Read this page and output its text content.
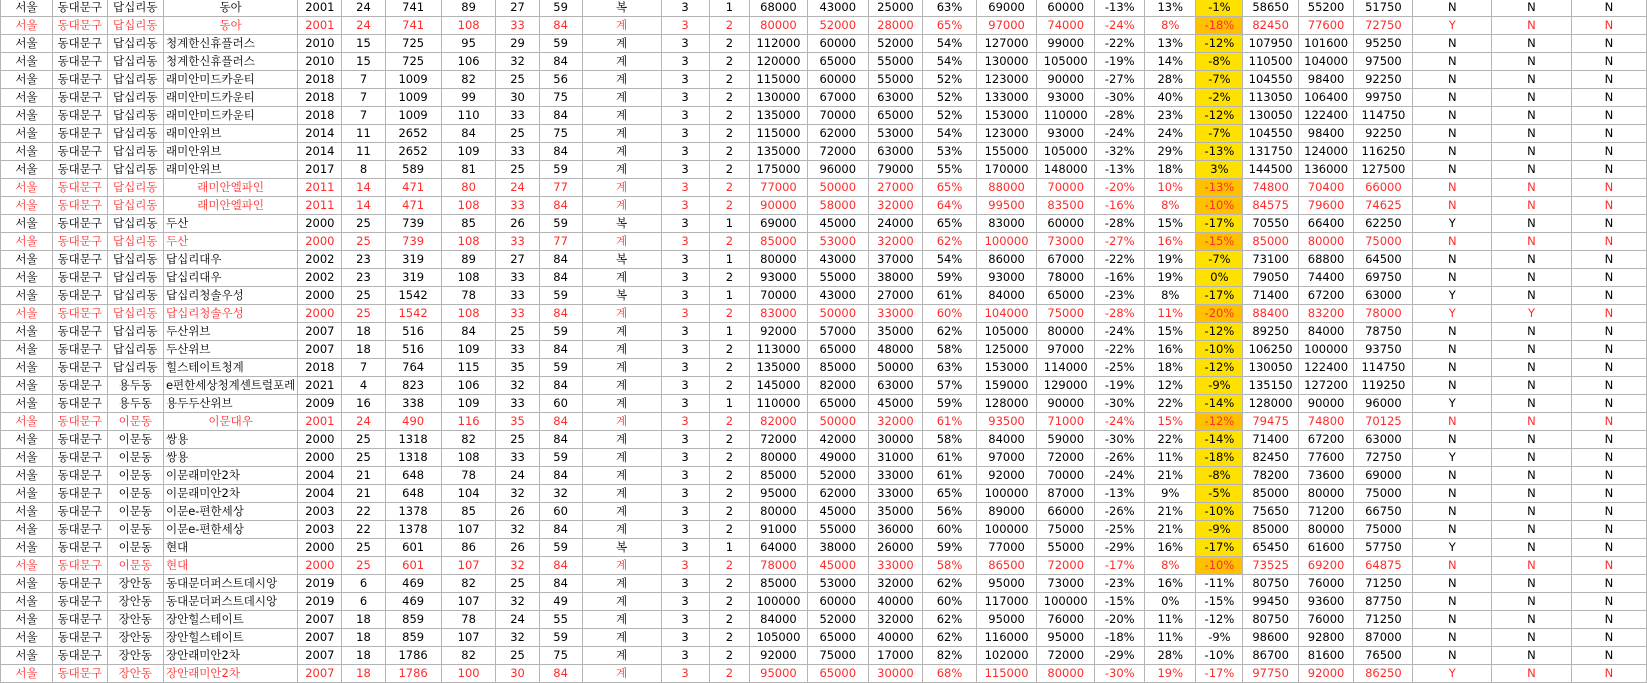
서울	동대문구	답십리동	동아	2001	24	741	89	27	59	복	3	1	68000	43000	25000	63%	69000	60000	-13%	13%	-1%	58650	55200	51750	N	N	N
서울	동대문구	답십리동	동아	2001	24	741	108	33	84	계	3	2	80000	52000	28000	65%	97000	74000	-24%	8%	-18%	82450	77600	72750	Y	N	N
서울	동대문구	답십리동	청계한신휴플러스	2010	15	725	95	29	59	계	3	2	112000	60000	52000	54%	127000	99000	-22%	13%	-12%	107950	101600	95250	N	N	N
서울	동대문구	답십리동	청계한신휴플러스	2010	15	725	106	32	84	계	3	2	120000	65000	55000	54%	130000	105000	-19%	14%	-8%	110500	104000	97500	N	N	N
서울	동대문구	답십리동	래미안미드카운티	2018	7	1009	82	25	56	계	3	2	115000	60000	55000	52%	123000	90000	-27%	28%	-7%	104550	98400	92250	N	N	N
서울	동대문구	답십리동	래미안미드카운티	2018	7	1009	99	30	75	계	3	2	130000	67000	63000	52%	133000	93000	-30%	40%	-2%	113050	106400	99750	N	N	N
서울	동대문구	답십리동	래미안미드카운티	2018	7	1009	110	33	84	계	3	2	135000	70000	65000	52%	153000	110000	-28%	23%	-12%	130050	122400	114750	N	N	N
서울	동대문구	답십리동	래미안위브	2014	11	2652	84	25	75	계	3	2	115000	62000	53000	54%	123000	93000	-24%	24%	-7%	104550	98400	92250	N	N	N
서울	동대문구	답십리동	래미안위브	2014	11	2652	109	33	84	계	3	2	135000	72000	63000	53%	155000	105000	-32%	29%	-13%	131750	124000	116250	N	N	N
서울	동대문구	답십리동	래미안위브	2017	8	589	81	25	59	계	3	2	175000	96000	79000	55%	170000	148000	-13%	18%	3%	144500	136000	127500	N	N	N
서울	동대문구	답십리동	래미안엘파인	2011	14	471	80	24	77	계	3	2	77000	50000	27000	65%	88000	70000	-20%	10%	-13%	74800	70400	66000	N	N	N
서울	동대문구	답십리동	래미안엘파인	2011	14	471	108	33	84	계	3	2	90000	58000	32000	64%	99500	83500	-16%	8%	-10%	84575	79600	74625	N	N	N
서울	동대문구	답십리동	두산	2000	25	739	85	26	59	복	3	1	69000	45000	24000	65%	83000	60000	-28%	15%	-17%	70550	66400	62250	Y	N	N
서울	동대문구	답십리동	두산	2000	25	739	108	33	77	계	3	2	85000	53000	32000	62%	100000	73000	-27%	16%	-15%	85000	80000	75000	N	N	N
서울	동대문구	답십리동	답십리대우	2002	23	319	89	27	84	복	3	1	80000	43000	37000	54%	86000	67000	-22%	19%	-7%	73100	68800	64500	N	N	N
서울	동대문구	답십리동	답십리대우	2002	23	319	108	33	84	계	3	2	93000	55000	38000	59%	93000	78000	-16%	19%	0%	79050	74400	69750	N	N	N
서울	동대문구	답십리동	답십리청솔우성	2000	25	1542	78	33	59	복	3	1	70000	43000	27000	61%	84000	65000	-23%	8%	-17%	71400	67200	63000	Y	N	N
서울	동대문구	답십리동	답십리청솔우성	2000	25	1542	108	33	84	계	3	2	83000	50000	33000	60%	104000	75000	-28%	11%	-20%	88400	83200	78000	Y	Y	N
서울	동대문구	답십리동	두산위브	2007	18	516	84	25	59	계	3	1	92000	57000	35000	62%	105000	80000	-24%	15%	-12%	89250	84000	78750	N	N	N
서울	동대문구	답십리동	두산위브	2007	18	516	109	33	84	계	3	2	113000	65000	48000	58%	125000	97000	-22%	16%	-10%	106250	100000	93750	N	N	N
서울	동대문구	답십리동	힐스테이트청계	2018	7	764	115	35	59	계	3	2	135000	85000	50000	63%	153000	114000	-25%	18%	-12%	130050	122400	114750	N	N	N
서울	동대문구	용두동	e편한세상청계센트럴포레	2021	4	823	106	32	84	계	3	2	145000	82000	63000	57%	159000	129000	-19%	12%	-9%	135150	127200	119250	N	N	N
서울	동대문구	용두동	용두두산위브	2009	16	338	109	33	60	계	3	1	110000	65000	45000	59%	128000	90000	-30%	22%	-14%	128000	90000	96000	Y	N	N
서울	동대문구	이문동	이문대우	2001	24	490	116	35	84	계	3	2	82000	50000	32000	61%	93500	71000	-24%	15%	-12%	79475	74800	70125	N	N	N
서울	동대문구	이문동	쌍용	2000	25	1318	82	25	84	계	3	2	72000	42000	30000	58%	84000	59000	-30%	22%	-14%	71400	67200	63000	N	N	N
서울	동대문구	이문동	쌍용	2000	25	1318	108	33	59	계	3	2	80000	49000	31000	61%	97000	72000	-26%	11%	-18%	82450	77600	72750	Y	N	N
서울	동대문구	이문동	이문래미안2차	2004	21	648	78	24	84	계	3	2	85000	52000	33000	61%	92000	70000	-24%	21%	-8%	78200	73600	69000	N	N	N
서울	동대문구	이문동	이문래미안2차	2004	21	648	104	32	32	계	3	2	95000	62000	33000	65%	100000	87000	-13%	9%	-5%	85000	80000	75000	N	N	N
서울	동대문구	이문동	이문e-편한세상	2003	22	1378	85	26	60	계	3	2	80000	45000	35000	56%	89000	66000	-26%	21%	-10%	75650	71200	66750	N	N	N
서울	동대문구	이문동	이문e-편한세상	2003	22	1378	107	32	84	계	3	2	91000	55000	36000	60%	100000	75000	-25%	21%	-9%	85000	80000	75000	N	N	N
서울	동대문구	이문동	현대	2000	25	601	86	26	59	복	3	1	64000	38000	26000	59%	77000	55000	-29%	16%	-17%	65450	61600	57750	Y	N	N
서울	동대문구	이문동	현대	2000	25	601	107	32	84	계	3	2	78000	45000	33000	58%	86500	72000	-17%	8%	-10%	73525	69200	64875	N	N	N
서울	동대문구	장안동	동대문더퍼스트데시앙	2019	6	469	82	25	84	계	3	2	85000	53000	32000	62%	95000	73000	-23%	16%	-11%	80750	76000	71250	N	N	N
서울	동대문구	장안동	동대문더퍼스트데시앙	2019	6	469	107	32	49	계	3	2	100000	60000	40000	60%	117000	100000	-15%	0%	-15%	99450	93600	87750	N	N	N
서울	동대문구	장안동	장안힐스테이트	2007	18	859	78	24	55	계	3	2	84000	52000	32000	62%	95000	76000	-20%	11%	-12%	80750	76000	71250	N	N	N
서울	동대문구	장안동	장안힐스테이트	2007	18	859	107	32	59	계	3	2	105000	65000	40000	62%	116000	95000	-18%	11%	-9%	98600	92800	87000	N	N	N
서울	동대문구	장안동	장안래미안2차	2007	18	1786	82	25	75	계	3	2	92000	75000	17000	82%	102000	72000	-29%	28%	-10%	86700	81600	76500	N	N	N
서울	동대문구	장안동	장안래미안2차	2007	18	1786	100	30	84	계	3	2	95000	65000	30000	68%	115000	80000	-30%	19%	-17%	97750	92000	86250	Y	N	N
